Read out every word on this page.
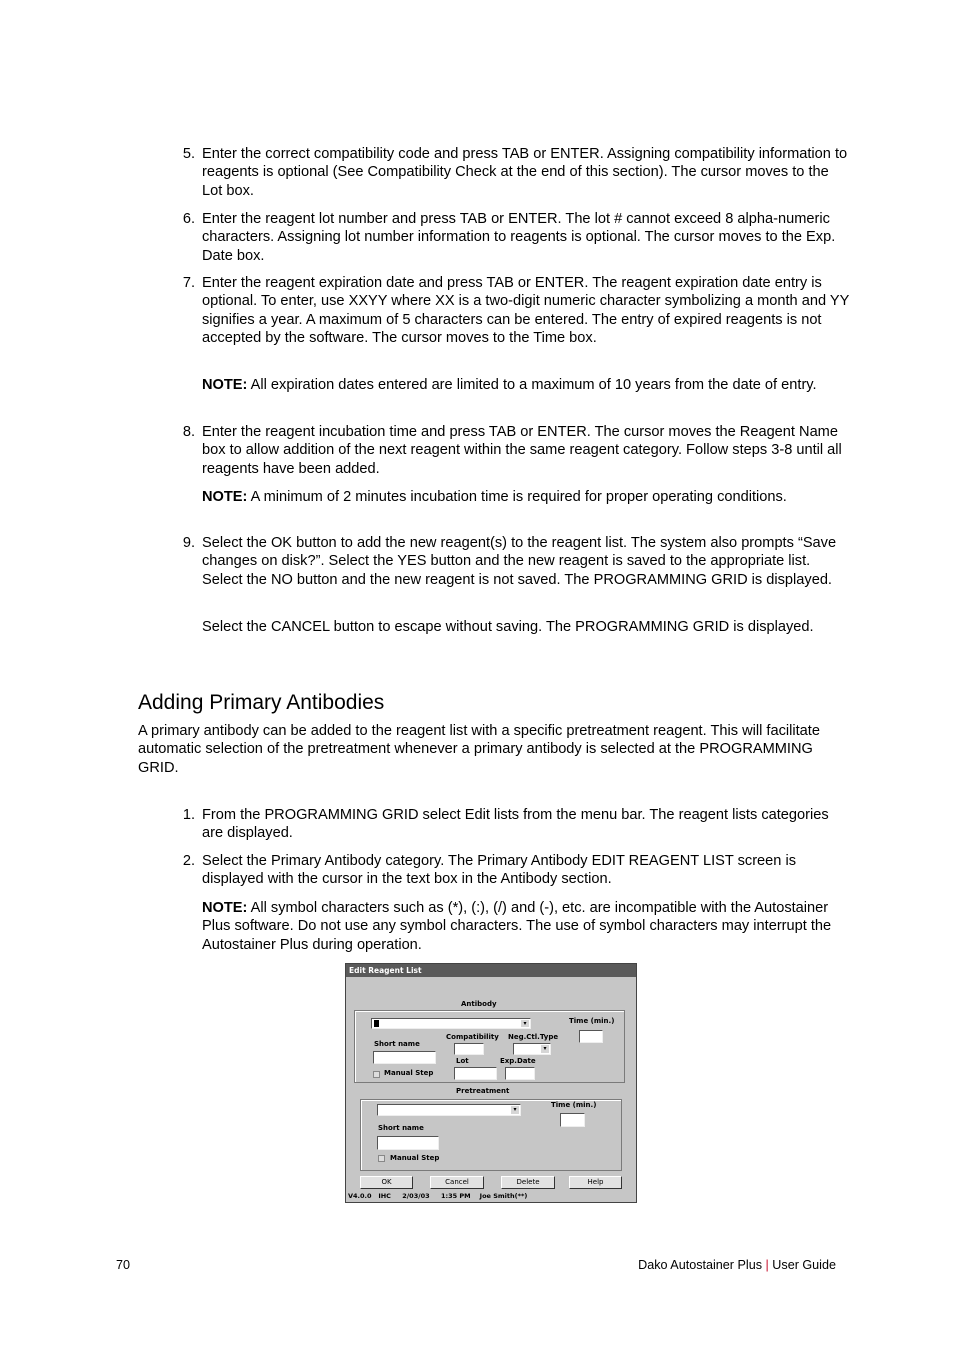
5. Enter the correct compatibility code and press TAB or ENTER. Assigning compatibility information to reagents is optional (See Compatibility Check at the end of this section). The cursor moves to the Lot box.
6. Enter the reagent lot number and press TAB or ENTER. The lot # cannot exceed 8 alpha-numeric characters. Assigning lot number information to reagents is optional. The cursor moves to the Exp. Date box.
7. Enter the reagent expiration date and press TAB or ENTER. The reagent expiration date entry is optional. To enter, use XXYY where XX is a two-digit numeric character symbolizing a month and YY signifies a year. A maximum of 5 characters can be entered. The entry of expired reagents is not accepted by the software. The cursor moves to the Time box.
NOTE: All expiration dates entered are limited to a maximum of 10 years from the date of entry.
8. Enter the reagent incubation time and press TAB or ENTER. The cursor moves the Reagent Name box to allow addition of the next reagent within the same reagent category. Follow steps 3-8 until all reagents have been added.
NOTE: A minimum of 2 minutes incubation time is required for proper operating conditions.
9. Select the OK button to add the new reagent(s) to the reagent list. The system also prompts “Save changes on disk?”. Select the YES button and the new reagent is saved to the appropriate list. Select the NO button and the new reagent is not saved. The PROGRAMMING GRID is displayed.
Select the CANCEL button to escape without saving. The PROGRAMMING GRID is displayed.
Adding Primary Antibodies

A primary antibody can be added to the reagent list with a specific pretreatment reagent. This will facilitate automatic selection of the pretreatment whenever a primary antibody is selected at the PROGRAMMING GRID.

1. From the PROGRAMMING GRID select Edit lists from the menu bar. The reagent lists categories are displayed.
2. Select the Primary Antibody category. The Primary Antibody EDIT REAGENT LIST screen is displayed with the cursor in the text box in the Antibody section.
NOTE: All symbol characters such as (*), (:), (/) and (-), etc. are incompatible with the Autostainer Plus software. Do not use any symbol characters. The use of symbol characters may interrupt the Autostainer Plus during operation.
Edit Reagent List
Antibody
▾	Time (min.)
Compatibility Neg.Ctl.Type
▾
Short name
Lot	Exp.Date
Manual Step
Pretreatment
▾
Time (min.)
Short name
Manual Step
OK	Cancel	Delete	Help
V4.0.0   IHC     2/03/03     1:35 PM    Joe Smith(**)
70	Dako Autostainer Plus | User Guide
